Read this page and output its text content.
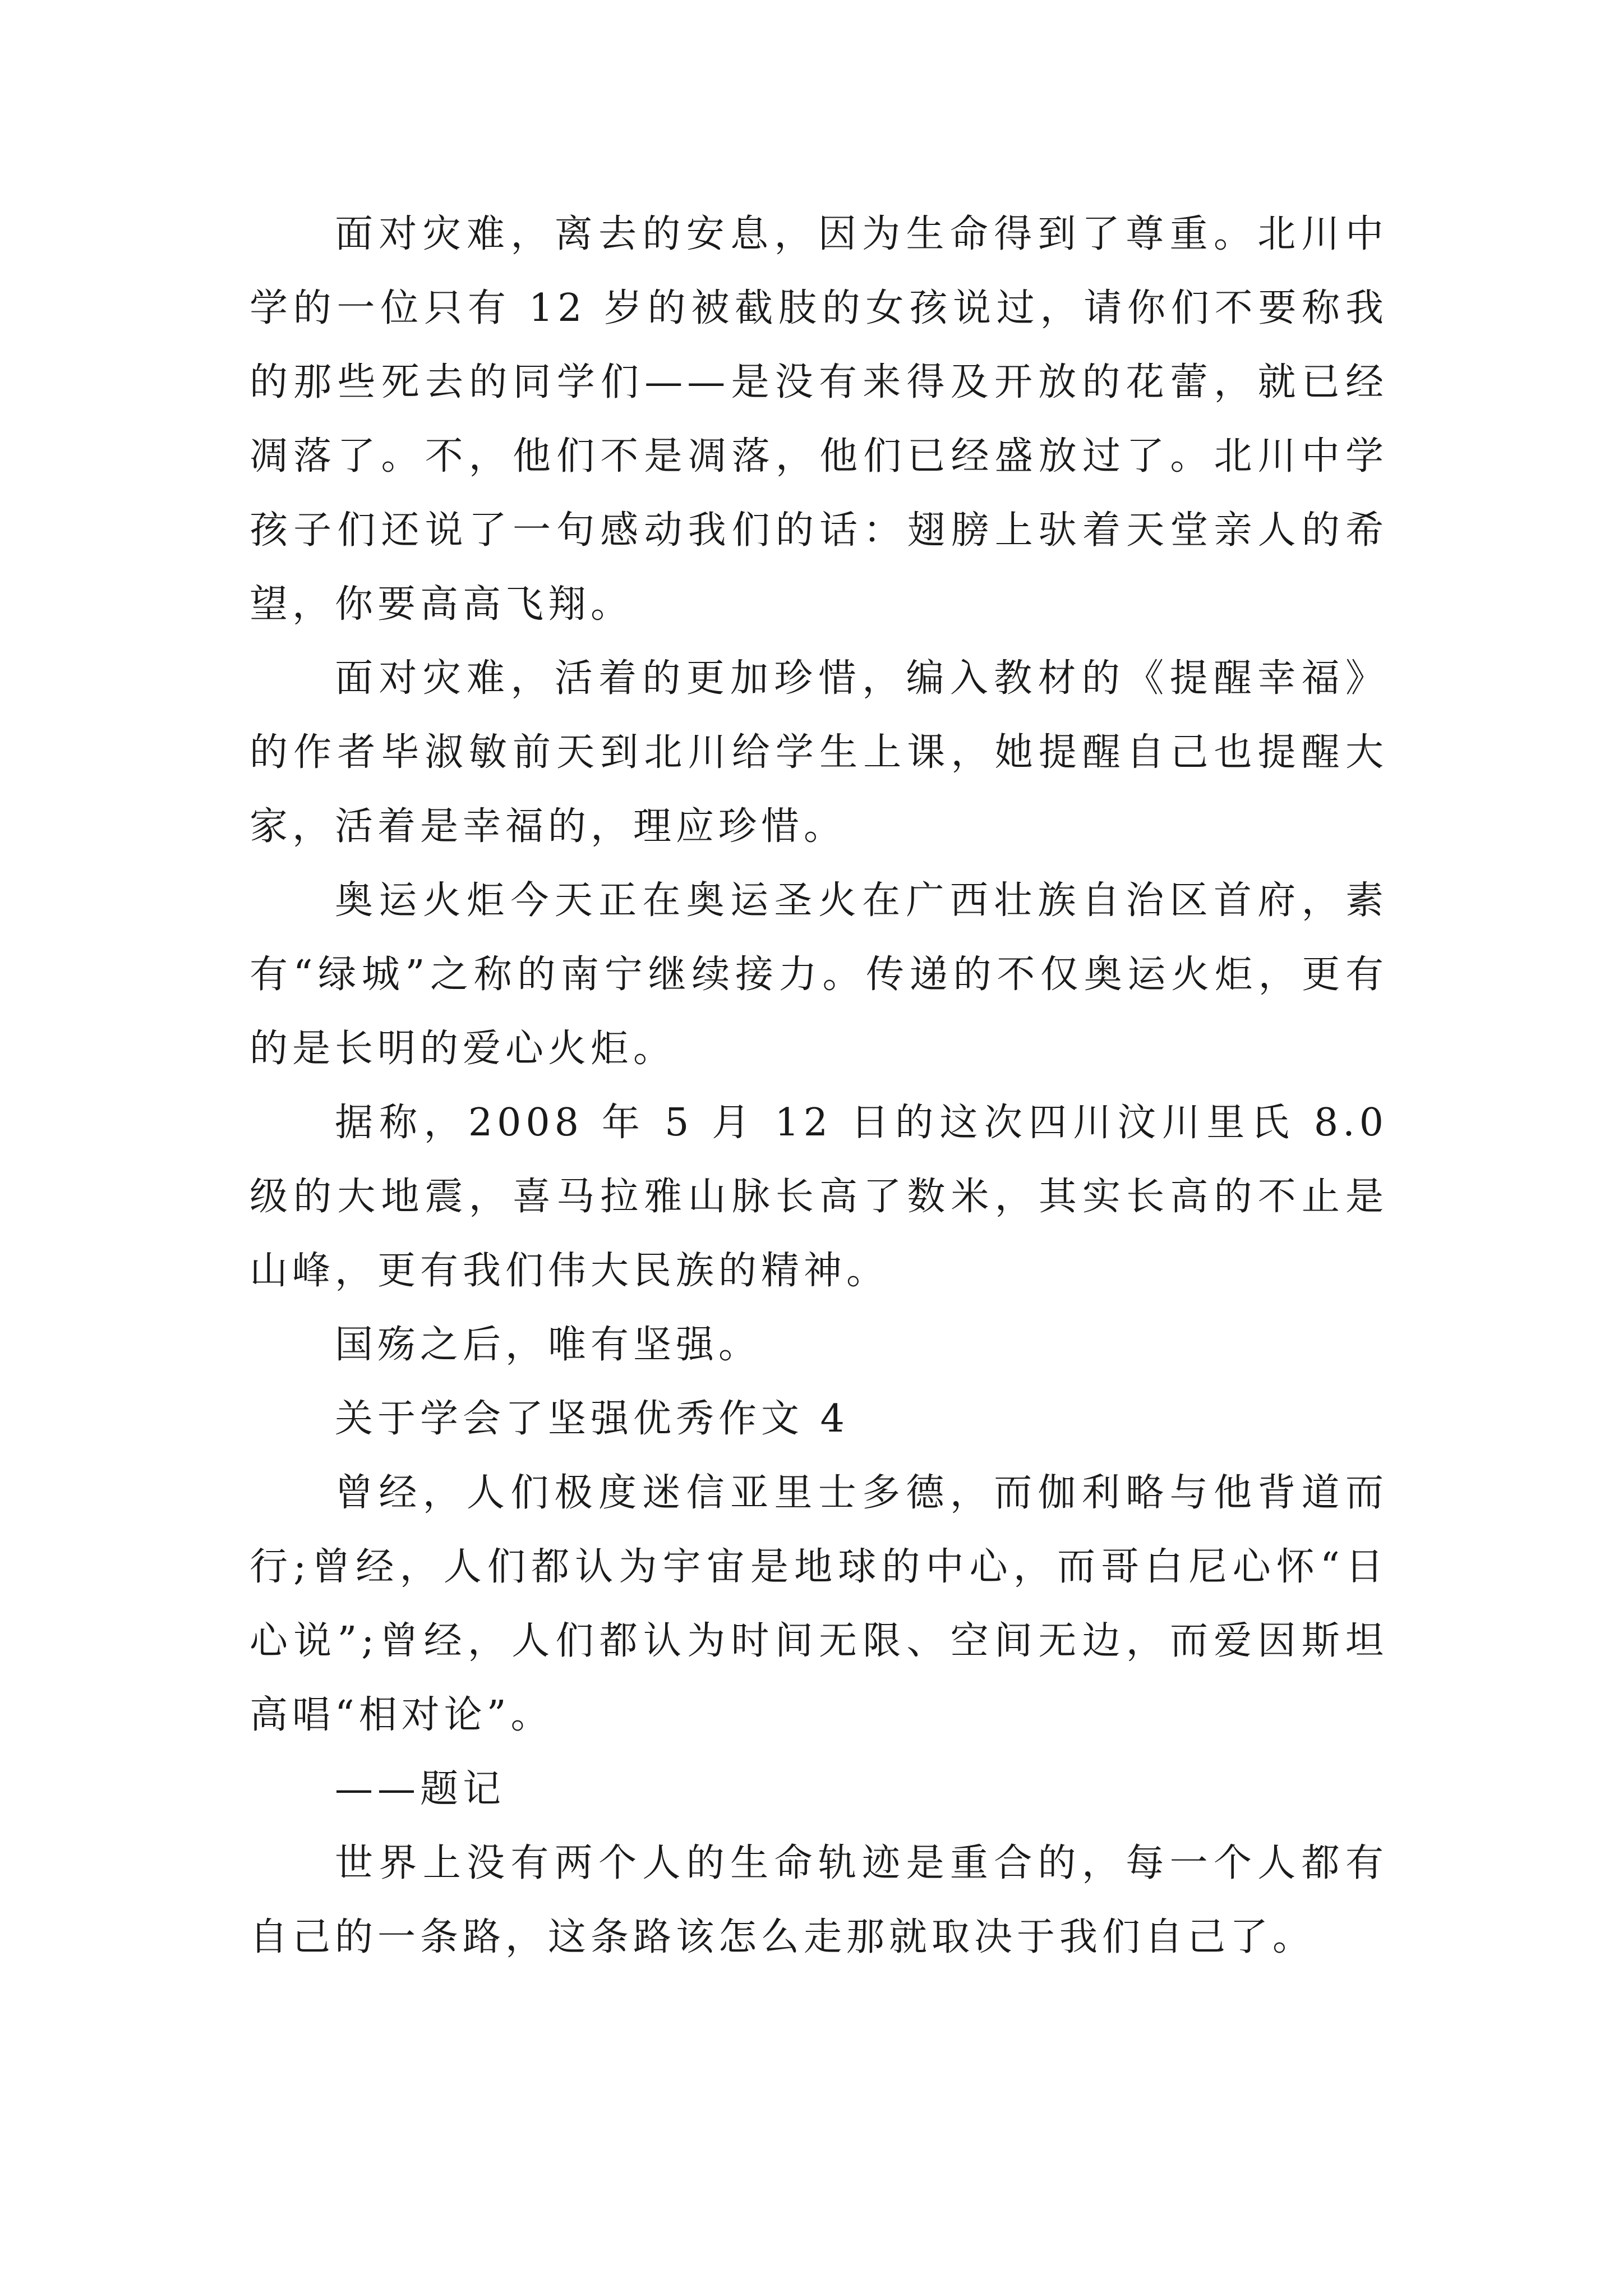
面对灾难，离去的安息，因为生命得到了尊重。北川中学的一位只有 12 岁的被截肢的女孩说过，请你们不要称我的那些死去的同学们——是没有来得及开放的花蕾，就已经凋落了。不，他们不是凋落，他们已经盛放过了。北川中学孩子们还说了一句感动我们的话：翅膀上驮着天堂亲人的希望，你要高高飞翔。

面对灾难，活着的更加珍惜，编入教材的《提醒幸福》的作者毕淑敏前天到北川给学生上课，她提醒自己也提醒大家，活着是幸福的，理应珍惜。

奥运火炬今天正在奥运圣火在广西壮族自治区首府，素有“绿城”之称的南宁继续接力。传递的不仅奥运火炬，更有的是长明的爱心火炬。

据称，2008 年 5 月 12 日的这次四川汶川里氏 8.0 级的大地震，喜马拉雅山脉长高了数米，其实长高的不止是山峰，更有我们伟大民族的精神。

国殇之后，唯有坚强。

关于学会了坚强优秀作文 4

曾经，人们极度迷信亚里士多德，而伽利略与他背道而行;曾经，人们都认为宇宙是地球的中心，而哥白尼心怀“日心说”;曾经，人们都认为时间无限、空间无边，而爱因斯坦高唱“相对论”。

——题记

世界上没有两个人的生命轨迹是重合的，每一个人都有自己的一条路，这条路该怎么走那就取决于我们自己了。
